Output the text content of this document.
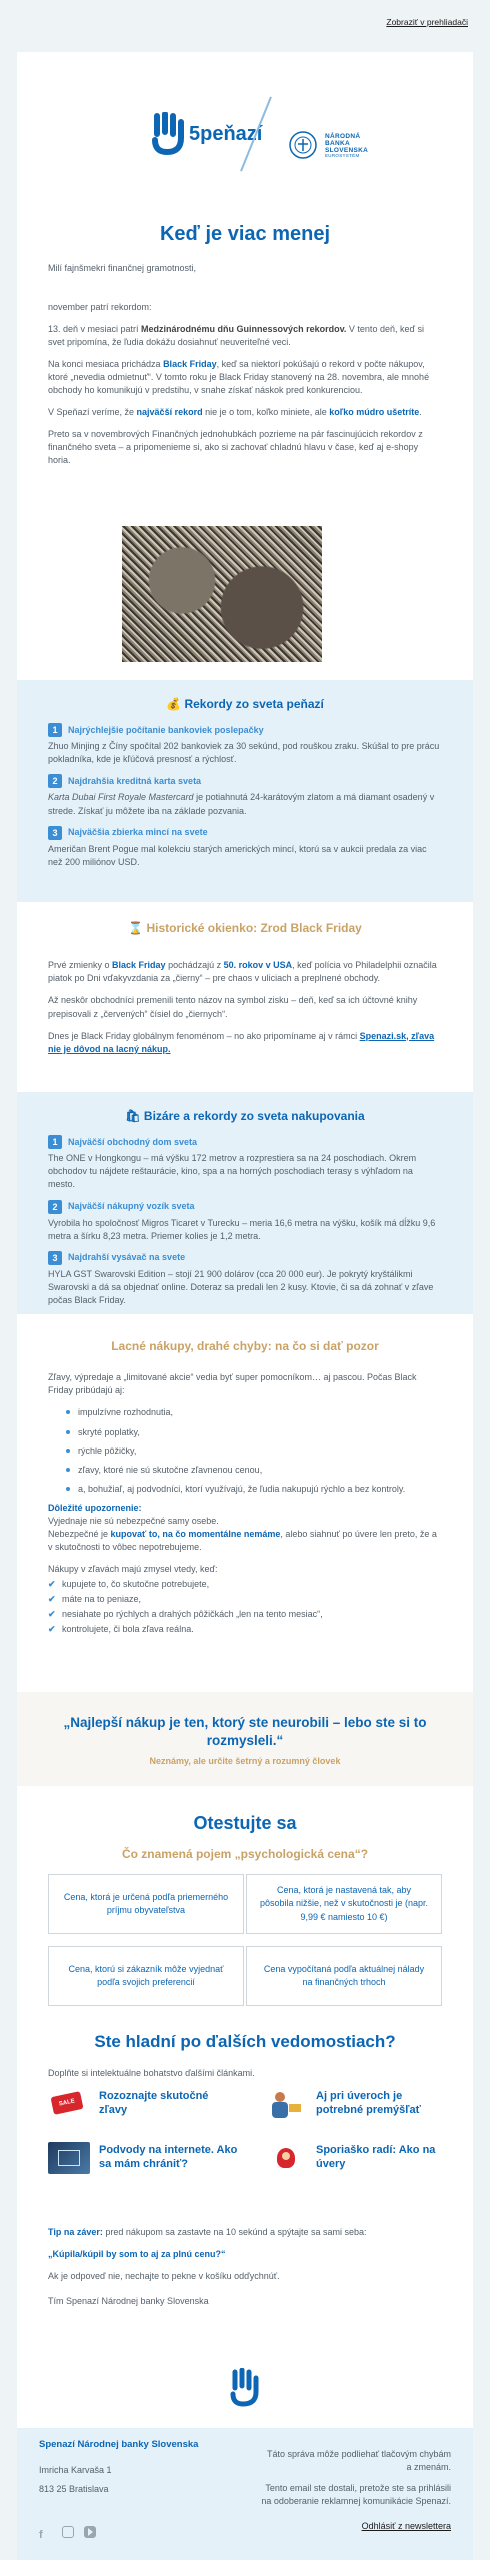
Zobraziť v prehliadači
5peňazí	NÁRODNÁ
BANKA
SLOVENSKA
EUROSYSTÉM
Keď je viac menej

Milí fajnšmekri finančnej gramotnosti,

november patrí rekordom:

13. deň v mesiaci patrí Medzinárodnému dňu Guinnessových rekordov. V tento deň, keď si svet pripomína, že ľudia dokážu dosiahnuť neuveriteľné veci.

Na konci mesiaca prichádza Black Friday, keď sa niektorí pokúšajú o rekord v počte nákupov, ktoré „nevedia odmietnuť“. V tomto roku je Black Friday stanovený na 28. novembra, ale mnohé obchody ho komunikujú v predstihu, v snahe získať náskok pred konkurenciou.

V Speňazí veríme, že najväčší rekord nie je o tom, koľko miniete, ale koľko múdro ušetríte.

Preto sa v novembrových Finančných jednohubkách pozrieme na pár fascinujúcich rekordov z finančného sveta – a pripomenieme si, ako si zachovať chladnú hlavu v čase, keď aj e-shopy horia.

💰 Rekordy zo sveta peňazí
1	Najrýchlejšie počítanie bankoviek poslepačky
Zhuo Minjing z Číny spočítal 202 bankoviek za 30 sekúnd, pod rouškou zraku. Skúšal to pre prácu pokladníka, kde je kľúčová presnosť a rýchlosť.
2	Najdrahšia kreditná karta sveta
Karta Dubai First Royale Mastercard je potiahnutá 24-karátovým zlatom a má diamant osadený v strede. Získať ju môžete iba na základe pozvania.
3	Najväčšia zbierka mincí na svete
Američan Brent Pogue mal kolekciu starých amerických mincí, ktorú sa v aukcii predala za viac než 200 miliónov USD.
⌛ Historické okienko: Zrod Black Friday

Prvé zmienky o Black Friday pochádzajú z 50. rokov v USA, keď polícia vo Philadelphii označila piatok po Dni vďakyvzdania za „čierny“ – pre chaos v uliciach a preplnené obchody.

Až neskôr obchodníci premenili tento názov na symbol zisku – deň, keď sa ich účtovné knihy prepisovali z „červených“ čísiel do „čiernych“.

Dnes je Black Friday globálnym fenoménom – no ako pripomíname aj v rámci Spenazi.sk, zľava nie je dôvod na lacný nákup.

🛍 Bizáre a rekordy zo sveta nakupovania
1	Najväčší obchodný dom sveta
The ONE v Hongkongu – má výšku 172 metrov a rozprestiera sa na 24 poschodiach. Okrem obchodov tu nájdete reštaurácie, kino, spa a na horných poschodiach terasy s výhľadom na mesto.
2	Najväčší nákupný vozík sveta
Vyrobila ho spoločnosť Migros Ticaret v Turecku – meria 16,6 metra na výšku, košík má dĺžku 9,6 metra a šírku 8,23 metra. Priemer kolies je 1,2 metra.
3	Najdrahší vysávač na svete
HYLA GST Swarovski Edition – stojí 21 900 dolárov (cca 20 000 eur). Je pokrytý kryštálikmi Swarovski a dá sa objednať online. Doteraz sa predali len 2 kusy. Ktovie, či sa dá zohnať v zľave počas Black Friday.
Lacné nákupy, drahé chyby: na čo si dať pozor

Zľavy, výpredaje a „limitované akcie“ vedia byť super pomocníkom… aj pascou. Počas Black Friday pribúdajú aj:

impulzívne rozhodnutia,
skryté poplatky,
rýchle pôžičky,
zľavy, ktoré nie sú skutočne zľavnenou cenou,
a, bohužiaľ, aj podvodníci, ktorí využívajú, že ľudia nakupujú rýchlo a bez kontroly.
Dôležité upozornenie:
Vyjednaje nie sú nebezpečné samy osebe.

Nebezpečné je kupovať to, na čo momentálne nemáme, alebo siahnuť po úvere len preto, že a v skutočnosti to vôbec nepotrebujeme.

Nákupy v zľavách majú zmysel vtedy, keď:
✔ kupujete to, čo skutočne potrebujete,
✔ máte na to peniaze,
✔ nesiahate po rýchlych a drahých pôžičkách „len na tento mesiac“,
✔ kontrolujete, či bola zľava reálna.
„Najlepší nákup je ten, ktorý ste neurobili – lebo ste si to rozmysleli.“
Neznámy, ale určite šetrný a rozumný človek
Otestujte sa
Čo znamená pojem „psychologická cena“?
Cena, ktorá je určená podľa priemerného príjmu obyvateľstva
Cena, ktorá je nastavená tak, aby pôsobila nižšie, než v skutočnosti je (napr. 9,99 € namiesto 10 €)
Cena, ktorú si zákazník môže vyjednať podľa svojich preferencií
Cena vypočítaná podľa aktuálnej nálady na finančných trhoch
Ste hladní po ďalších vedomostiach?
Doplňte si intelektuálne bohatstvo ďalšími článkami.
SALE
Rozoznajte skutočné zľavy
Aj pri úveroch je potrebné premýšľať
Podvody na internete. Ako sa mám chrániť?
Sporiaško radí: Ako na úvery

Tip na záver: pred nákupom sa zastavte na 10 sekúnd a spýtajte sa sami seba:

„Kúpila/kúpil by som to aj za plnú cenu?“

Ak je odpoveď nie, nechajte to pekne v košíku odďychnúť.

Tím Spenazí Národnej banky Slovenska

Spenazí Národnej banky Slovenska
Imricha Karvaša 1
813 25 Bratislava
f
Táto správa môže podliehať tlačovým chybám a zmenám.
Tento email ste dostali, pretože ste sa prihlásili na odoberanie reklamnej komunikácie Spenazí.
Odhlásiť z newslettera
